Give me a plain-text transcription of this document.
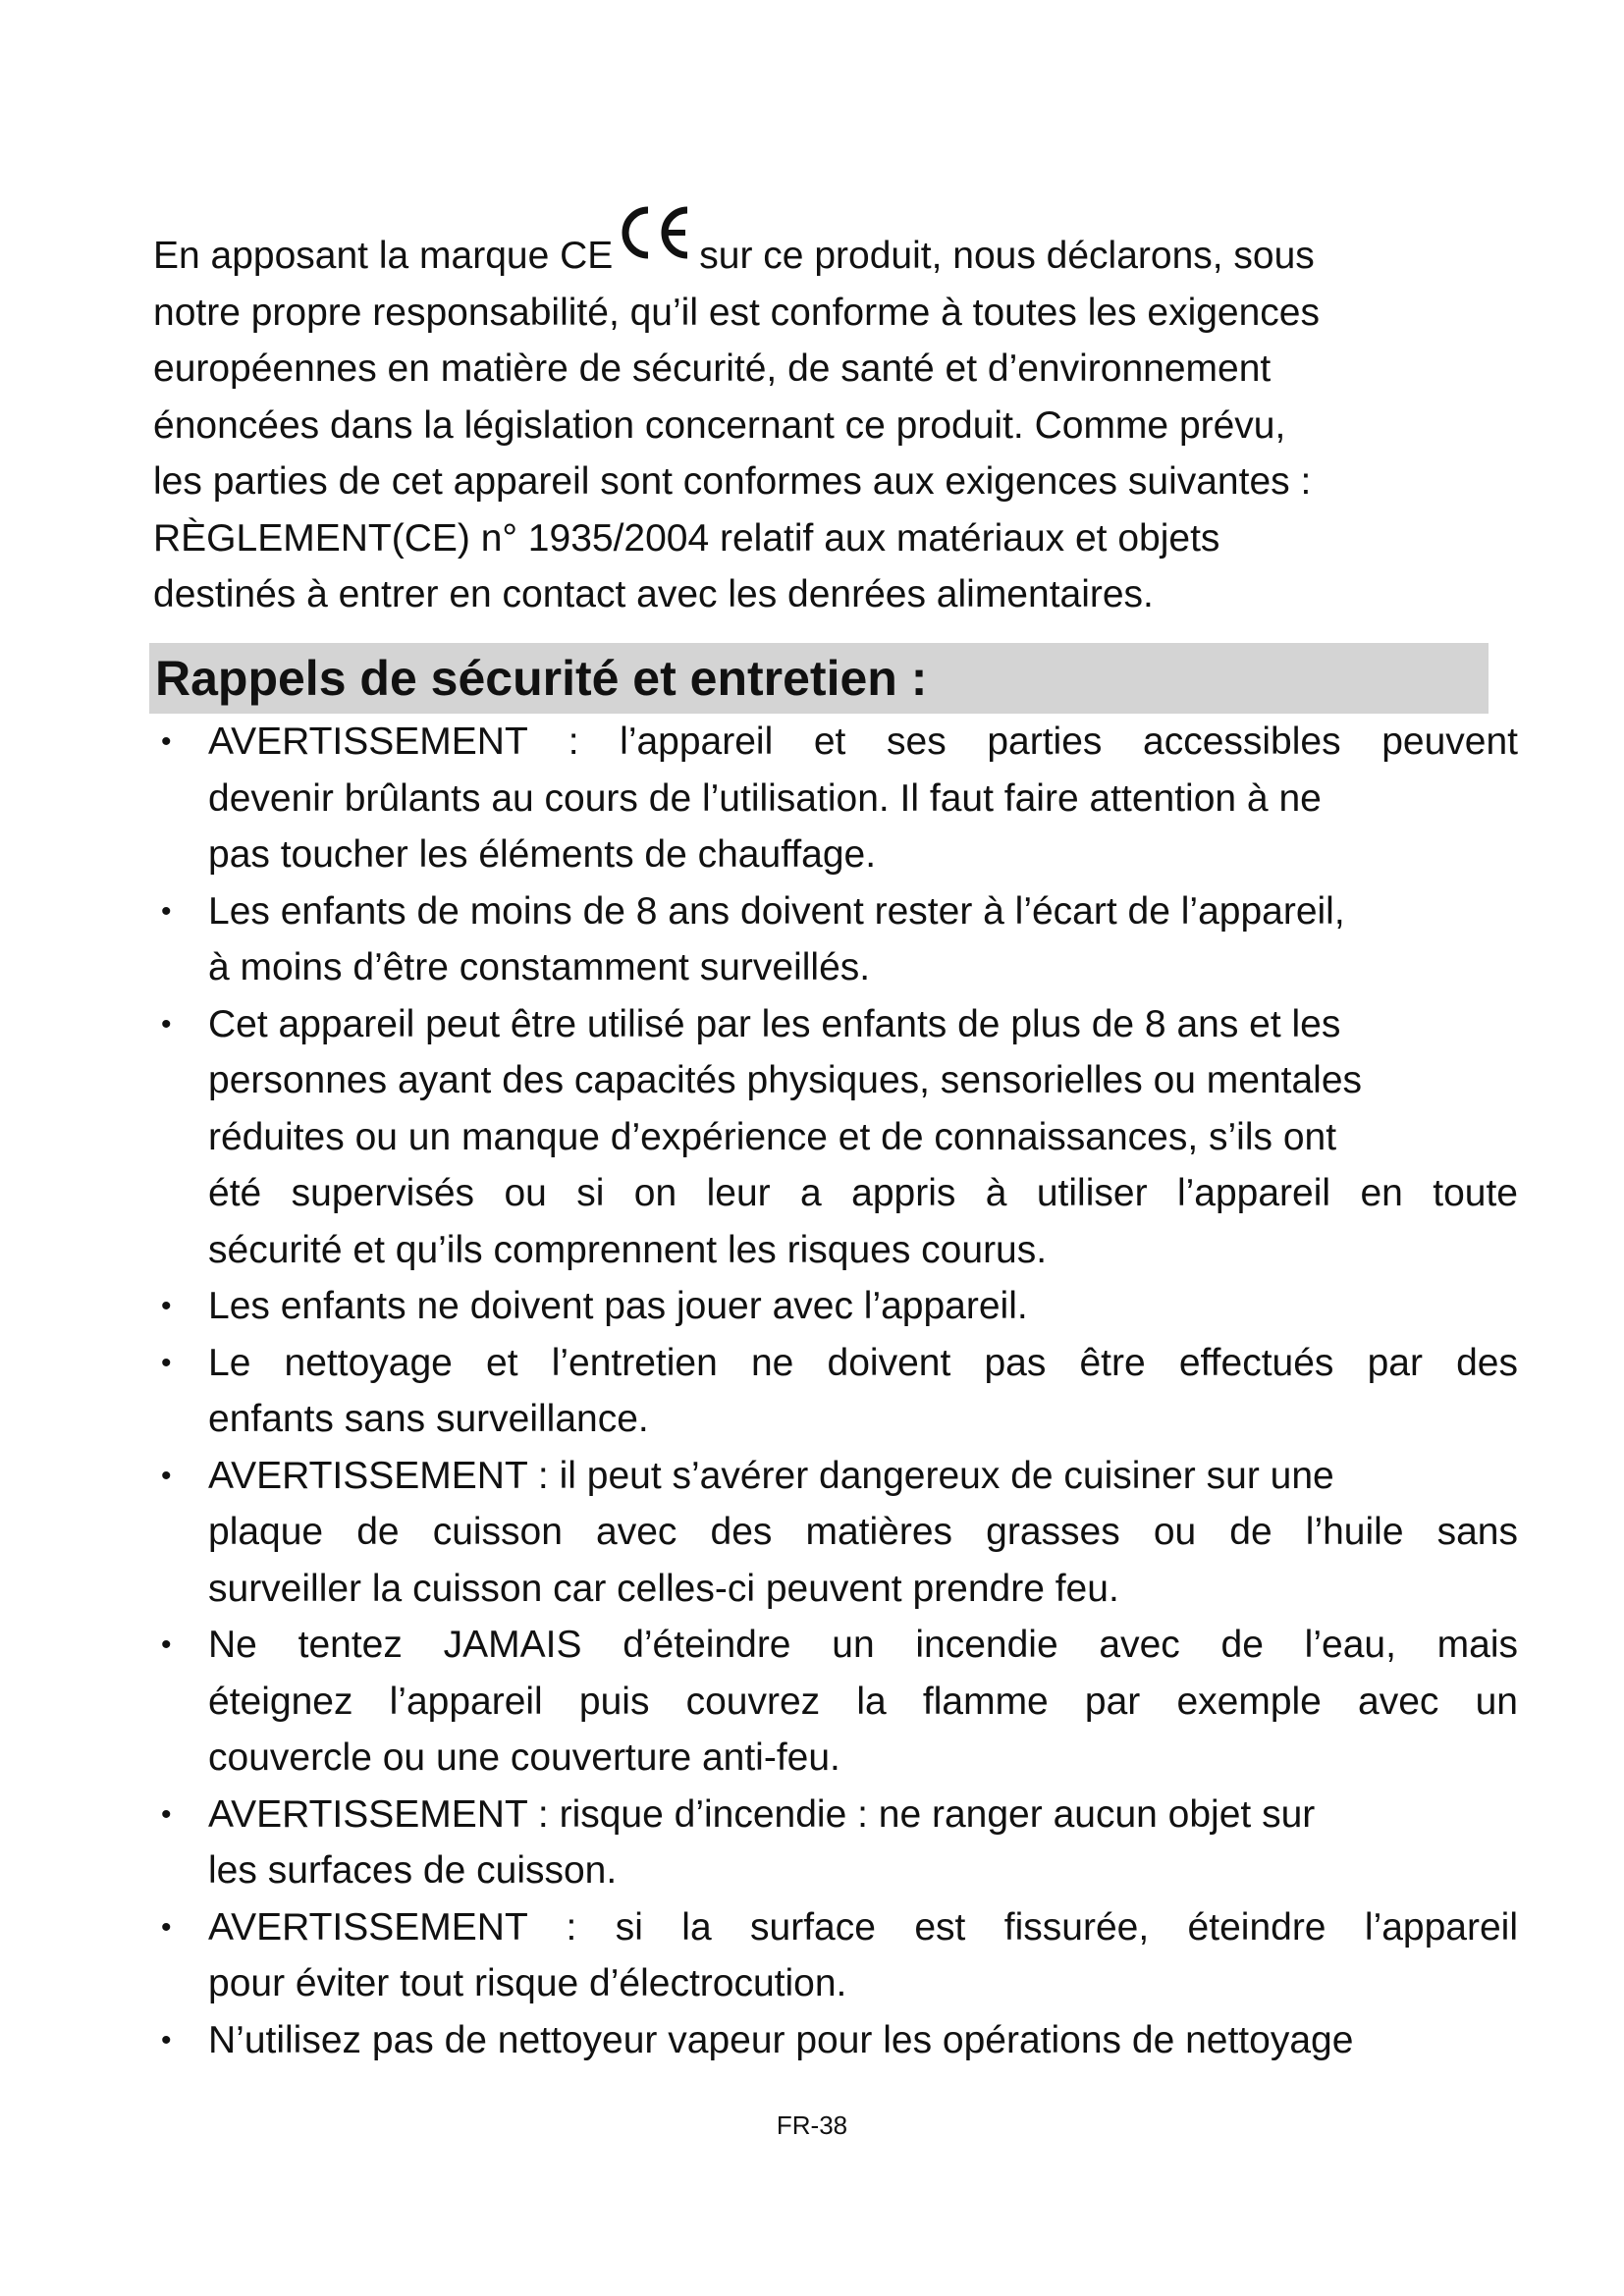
En apposant la marque CE sur ce produit, nous déclarons, sous
notre propre responsabilité, qu’il est conforme à toutes les exigences
européennes en matière de sécurité, de santé et d’environnement
énoncées dans la législation concernant ce produit. Comme prévu,
les parties de cet appareil sont conformes aux exigences suivantes :
RÈGLEMENT(CE) n° 1935/2004 relatif aux matériaux et objets
destinés à entrer en contact avec les denrées alimentaires.
Rappels de sécurité et entretien :
• AVERTISSEMENT : l’appareil et ses parties accessibles peuvent
devenir brûlants au cours de l’utilisation. Il faut faire attention à ne
pas toucher les éléments de chauffage.
• Les enfants de moins de 8 ans doivent rester à l’écart de l’appareil,
à moins d’être constamment surveillés.
• Cet appareil peut être utilisé par les enfants de plus de 8 ans et les
personnes ayant des capacités physiques, sensorielles ou mentales
réduites ou un manque d’expérience et de connaissances, s’ils ont
été supervisés ou si on leur a appris à utiliser l’appareil en toute
sécurité et qu’ils comprennent les risques courus.
• Les enfants ne doivent pas jouer avec l’appareil.
• Le nettoyage et l’entretien ne doivent pas être effectués par des
enfants sans surveillance.
• AVERTISSEMENT : il peut s’avérer dangereux de cuisiner sur une
plaque de cuisson avec des matières grasses ou de l’huile sans
surveiller la cuisson car celles-ci peuvent prendre feu.
• Ne tentez JAMAIS d’éteindre un incendie avec de l’eau, mais
éteignez l’appareil puis couvrez la flamme par exemple avec un
couvercle ou une couverture anti-feu.
• AVERTISSEMENT : risque d’incendie : ne ranger aucun objet sur
les surfaces de cuisson.
• AVERTISSEMENT : si la surface est fissurée, éteindre l’appareil
pour éviter tout risque d’électrocution.
• N’utilisez pas de nettoyeur vapeur pour les opérations de nettoyage
FR-38
